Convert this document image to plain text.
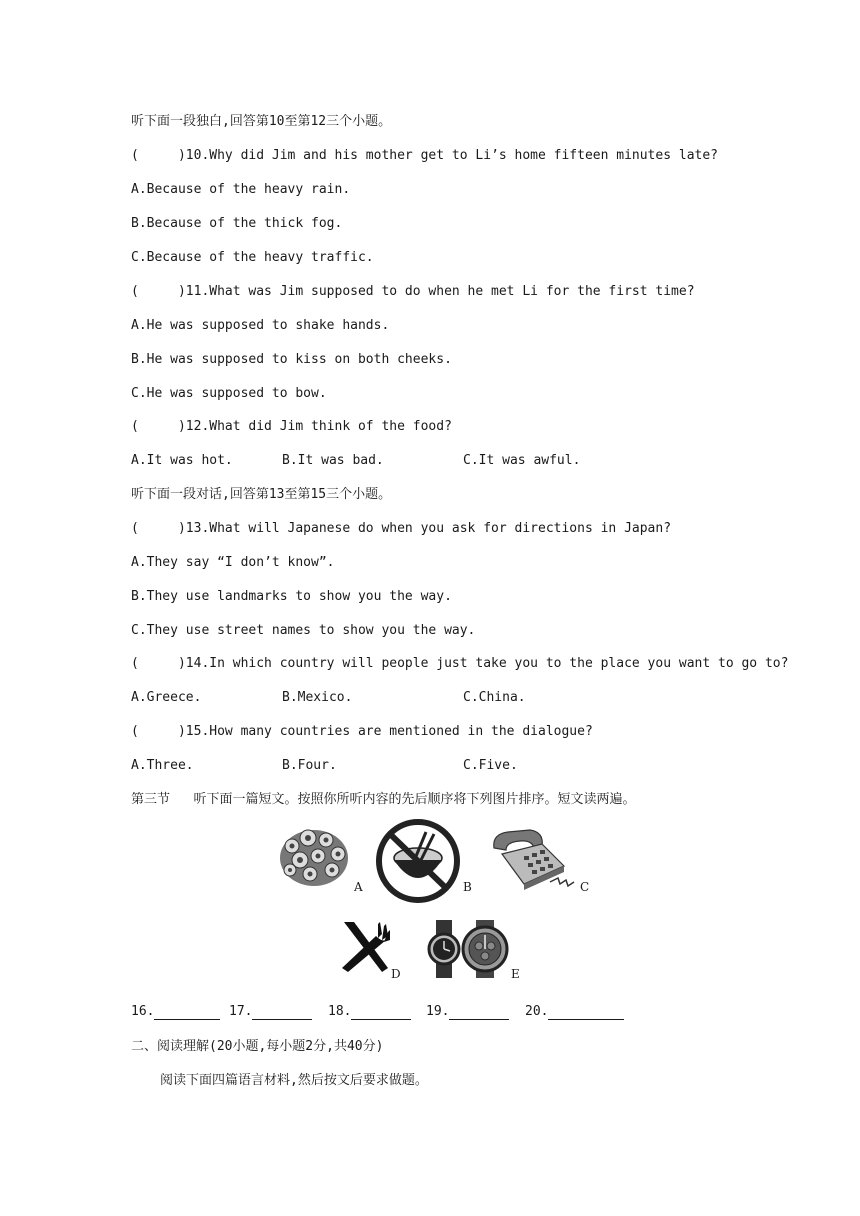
听下面一段独白,回答第10至第12三个小题。
(     )10.Why did Jim and his mother get to Li’s home fifteen minutes late?
A.Because of the heavy rain.
B.Because of the thick fog.
C.Because of the heavy traffic.
(     )11.What was Jim supposed to do when he met Li for the first time?
A.He was supposed to shake hands.
B.He was supposed to kiss on both cheeks.
C.He was supposed to bow.
(     )12.What did Jim think of the food?
A.It was hot.	B.It was bad.	C.It was awful.
听下面一段对话,回答第13至第15三个小题。
(     )13.What will Japanese do when you ask for directions in Japan?
A.They say “I don’t know”.
B.They use landmarks to show you the way.
C.They use street names to show you the way.
(     )14.In which country will people just take you to the place you want to go to?
A.Greece.	B.Mexico.	C.China.
(     )15.How many countries are mentioned in the dialogue?
A.Three.	B.Four.	C.Five.
第三节   听下面一篇短文。按照你所听内容的先后顺序将下列图片排序。短文读两遍。
A	B	C
D	E
16.	17.	18.	19.	20.
二、阅读理解(20小题,每小题2分,共40分)
阅读下面四篇语言材料,然后按文后要求做题。
